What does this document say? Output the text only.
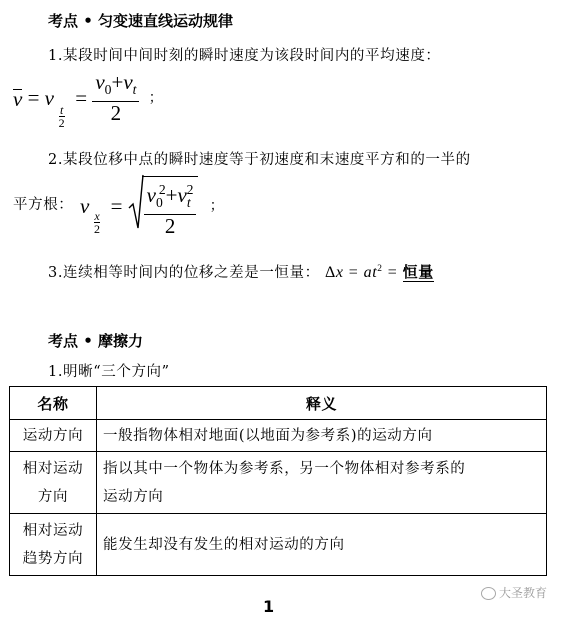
考点 • 匀变速直线运动规律
1.某段时间中间时刻的瞬时速度为该段时间内的平均速度：
v = v t
2
= $\frac{v_0+v_t}{2}$ ；
2.某段位移中点的瞬时速度等于初速度和末速度平方和的一半的
平方根： v x
2
= $\frac{v_0^2+v_t^2}{2}$ ；
3.连续相等时间内的位移之差是一恒量： $\Delta x = at^2$ = 恒量
考点 • 摩擦力
1.明晰“三个方向”
名称	释义
运动方向	一般指物体相对地面(以地面为参考系)的运动方向
相对运动
方向	指以其中一个物体为参考系，另一个物体相对参考系的
运动方向
相对运动
趋势方向	能发生却没有发生的相对运动的方向
大圣教育
1
